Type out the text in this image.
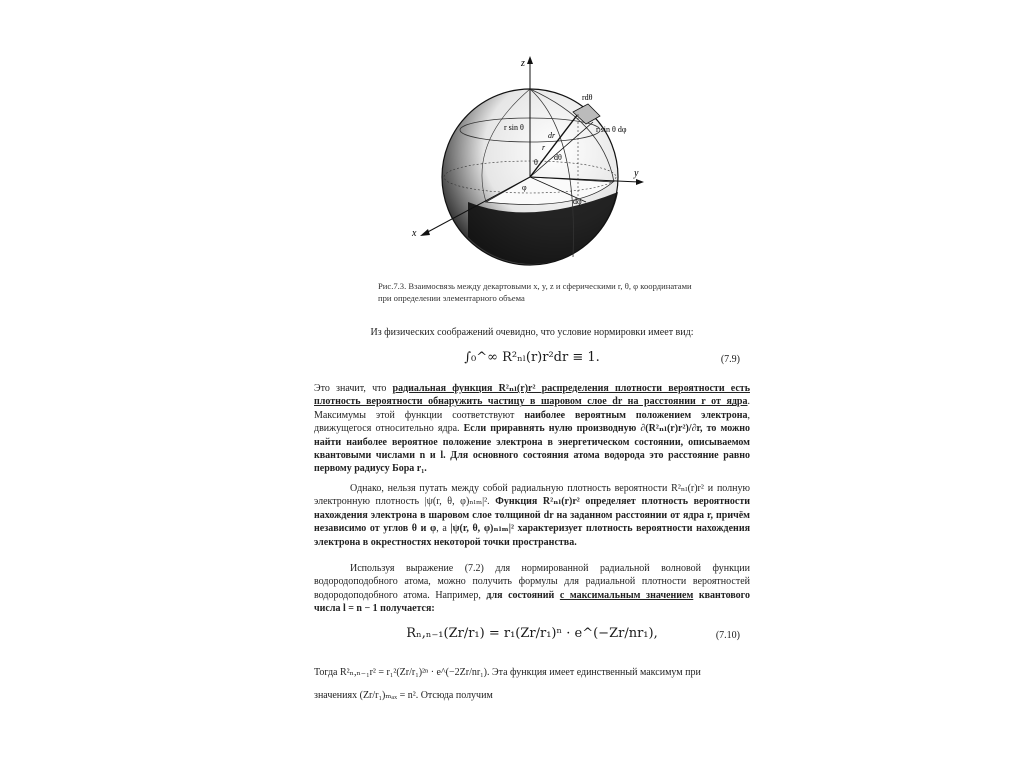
z
y
x
rdθ
r sin θ
dr
r sin θ dφ
r
dθ
θ
φ
dφ
Рис.7.3. Взаимосвязь между декартовыми x, y, z и сферическими r, θ, φ координатами
при определении элементарного объема
Из физических соображений очевидно, что условие нормировки имеет вид:
∫₀^∞ R²ₙₗ(r)r²dr ≡ 1.	(7.9)
Это значит, что радиальная функция R²ₙₗ(r)r² распределения плотности вероятности есть плотность вероятности обнаружить частицу в шаровом слое dr на расстоянии r от ядра. Максимумы этой функции соответствуют наиболее вероятным положением электрона, движущегося относительно ядра. Если приравнять нулю производную ∂(R²ₙₗ(r)r²)/∂r, то можно найти наиболее вероятное положение электрона в энергетическом состоянии, описываемом квантовыми числами n и l. Для основного состояния атома водорода это расстояние равно первому радиусу Бора r₁.
Однако, нельзя путать между собой радиальную плотность вероятности R²ₙₗ(r)r² и полную электронную плотность |ψ(r, θ, φ)ₙₗₘ|². Функция R²ₙₗ(r)r² определяет плотность вероятности нахождения электрона в шаровом слое толщиной dr на заданном расстоянии от ядра r, причём независимо от углов θ и φ, а |ψ(r, θ, φ)ₙₗₘ|² характеризует плотность вероятности нахождения электрона в окрестностях некоторой точки пространства.
Используя выражение (7.2) для нормированной радиальной волновой функции водородоподобного атома, можно получить формулы для радиальной плотности вероятностей водородоподобного атома. Например, для состояний с максимальным значением квантового числа l = n − 1 получается:
Rₙ,ₙ₋₁(Zr/r₁) = r₁(Zr/r₁)ⁿ · e^(−Zr/nr₁),	(7.10)
Тогда R²ₙ,ₙ₋₁r² = r₁²(Zr/r₁)²ⁿ · e^(−2Zr/nr₁). Эта функция имеет единственный максимум при
значениях (Zr/r₁)ₘₐₓ = n². Отсюда получим
